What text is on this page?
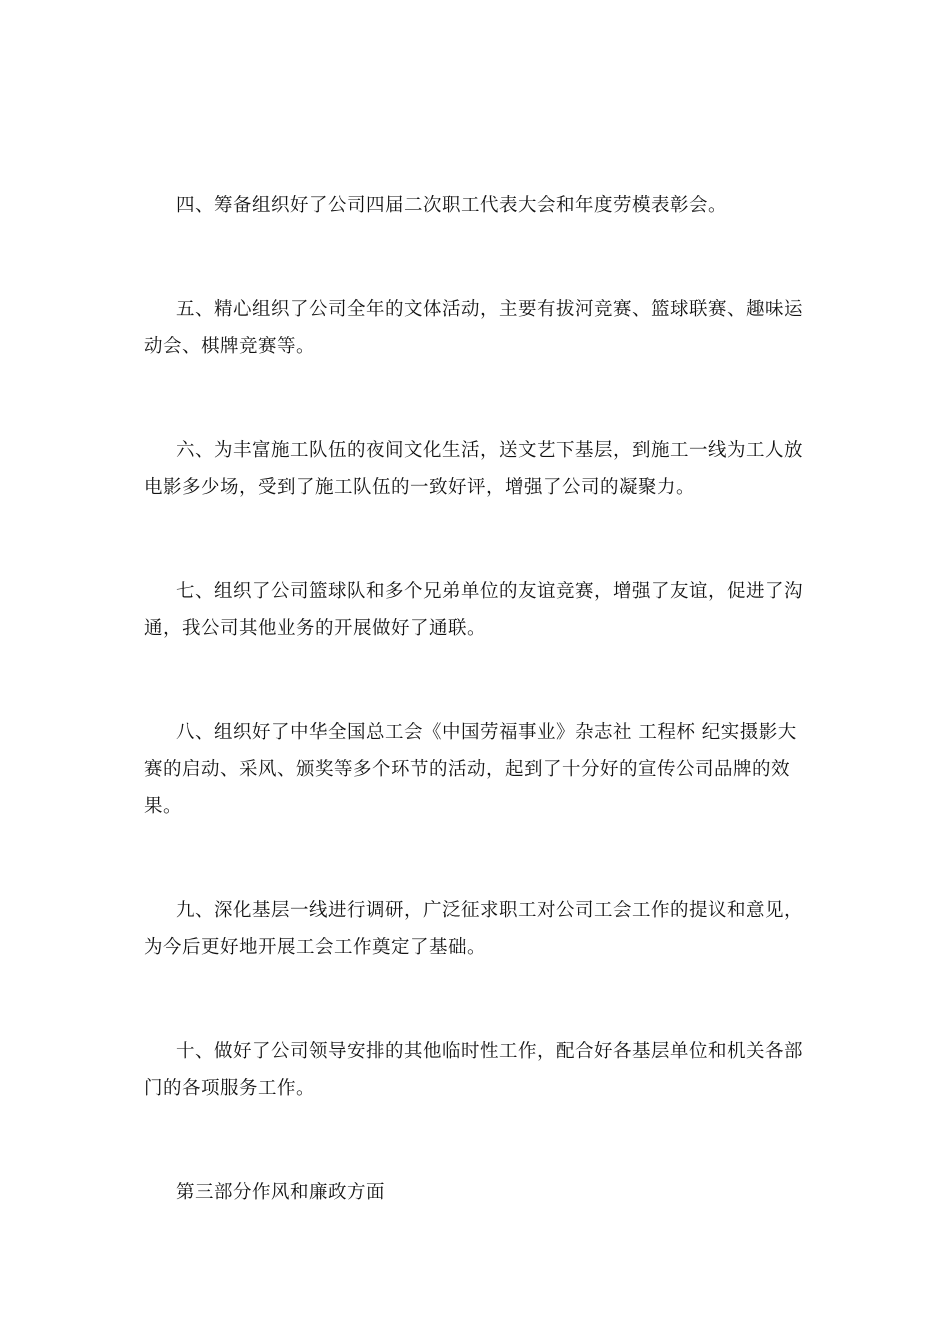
四、筹备组织好了公司四届二次职工代表大会和年度劳模表彰会。

五、精心组织了公司全年的文体活动，主要有拔河竞赛、篮球联赛、趣味运动会、棋牌竞赛等。

六、为丰富施工队伍的夜间文化生活，送文艺下基层，到施工一线为工人放电影多少场，受到了施工队伍的一致好评，增强了公司的凝聚力。

七、组织了公司篮球队和多个兄弟单位的友谊竞赛，增强了友谊，促进了沟通，我公司其他业务的开展做好了通联。

八、组织好了中华全国总工会《中国劳福事业》杂志社 工程杯 纪实摄影大赛的启动、采风、颁奖等多个环节的活动，起到了十分好的宣传公司品牌的效果。

九、深化基层一线进行调研，广泛征求职工对公司工会工作的提议和意见，为今后更好地开展工会工作奠定了基础。

十、做好了公司领导安排的其他临时性工作，配合好各基层单位和机关各部门的各项服务工作。

第三部分作风和廉政方面
